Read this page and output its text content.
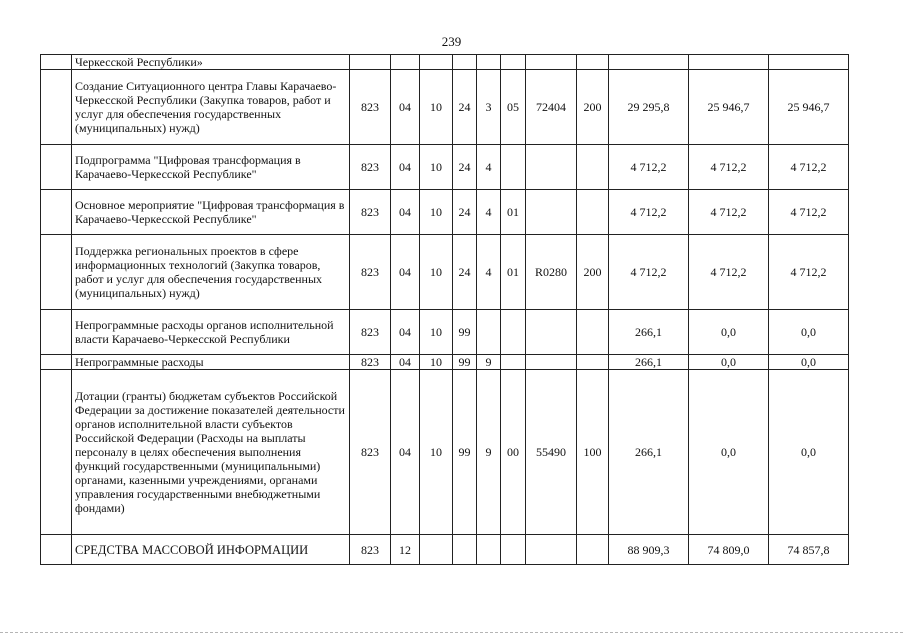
239
	Черкесской Республики»											
	Создание Ситуационного центра Главы Карачаево-Черкесской Республики (Закупка товаров, работ и услуг для обеспечения государственных (муниципальных) нужд)	823	04	10	24	3	05	72404	200	29 295,8	25 946,7	25 946,7
	Подпрограмма "Цифровая трансформация в Карачаево-Черкесской Республике"	823	04	10	24	4				4 712,2	4 712,2	4 712,2
	Основное мероприятие "Цифровая трансформация в Карачаево-Черкесской Республике"	823	04	10	24	4	01			4 712,2	4 712,2	4 712,2
	Поддержка региональных проектов в сфере информационных технологий (Закупка товаров, работ и услуг для обеспечения государственных (муниципальных) нужд)	823	04	10	24	4	01	R0280	200	4 712,2	4 712,2	4 712,2
	Непрограммные расходы органов исполнительной власти Карачаево-Черкесской Республики	823	04	10	99					266,1	0,0	0,0
	Непрограммные расходы	823	04	10	99	9				266,1	0,0	0,0
	Дотации (гранты) бюджетам субъектов Российской Федерации за достижение показателей деятельности органов исполнительной власти субъектов Российской Федерации (Расходы на выплаты персоналу в целях обеспечения выполнения функций государственными (муниципальными) органами, казенными учреждениями, органами управления государственными внебюджетными фондами)	823	04	10	99	9	00	55490	100	266,1	0,0	0,0
	СРЕДСТВА МАССОВОЙ ИНФОРМАЦИИ	823	12							88 909,3	74 809,0	74 857,8
